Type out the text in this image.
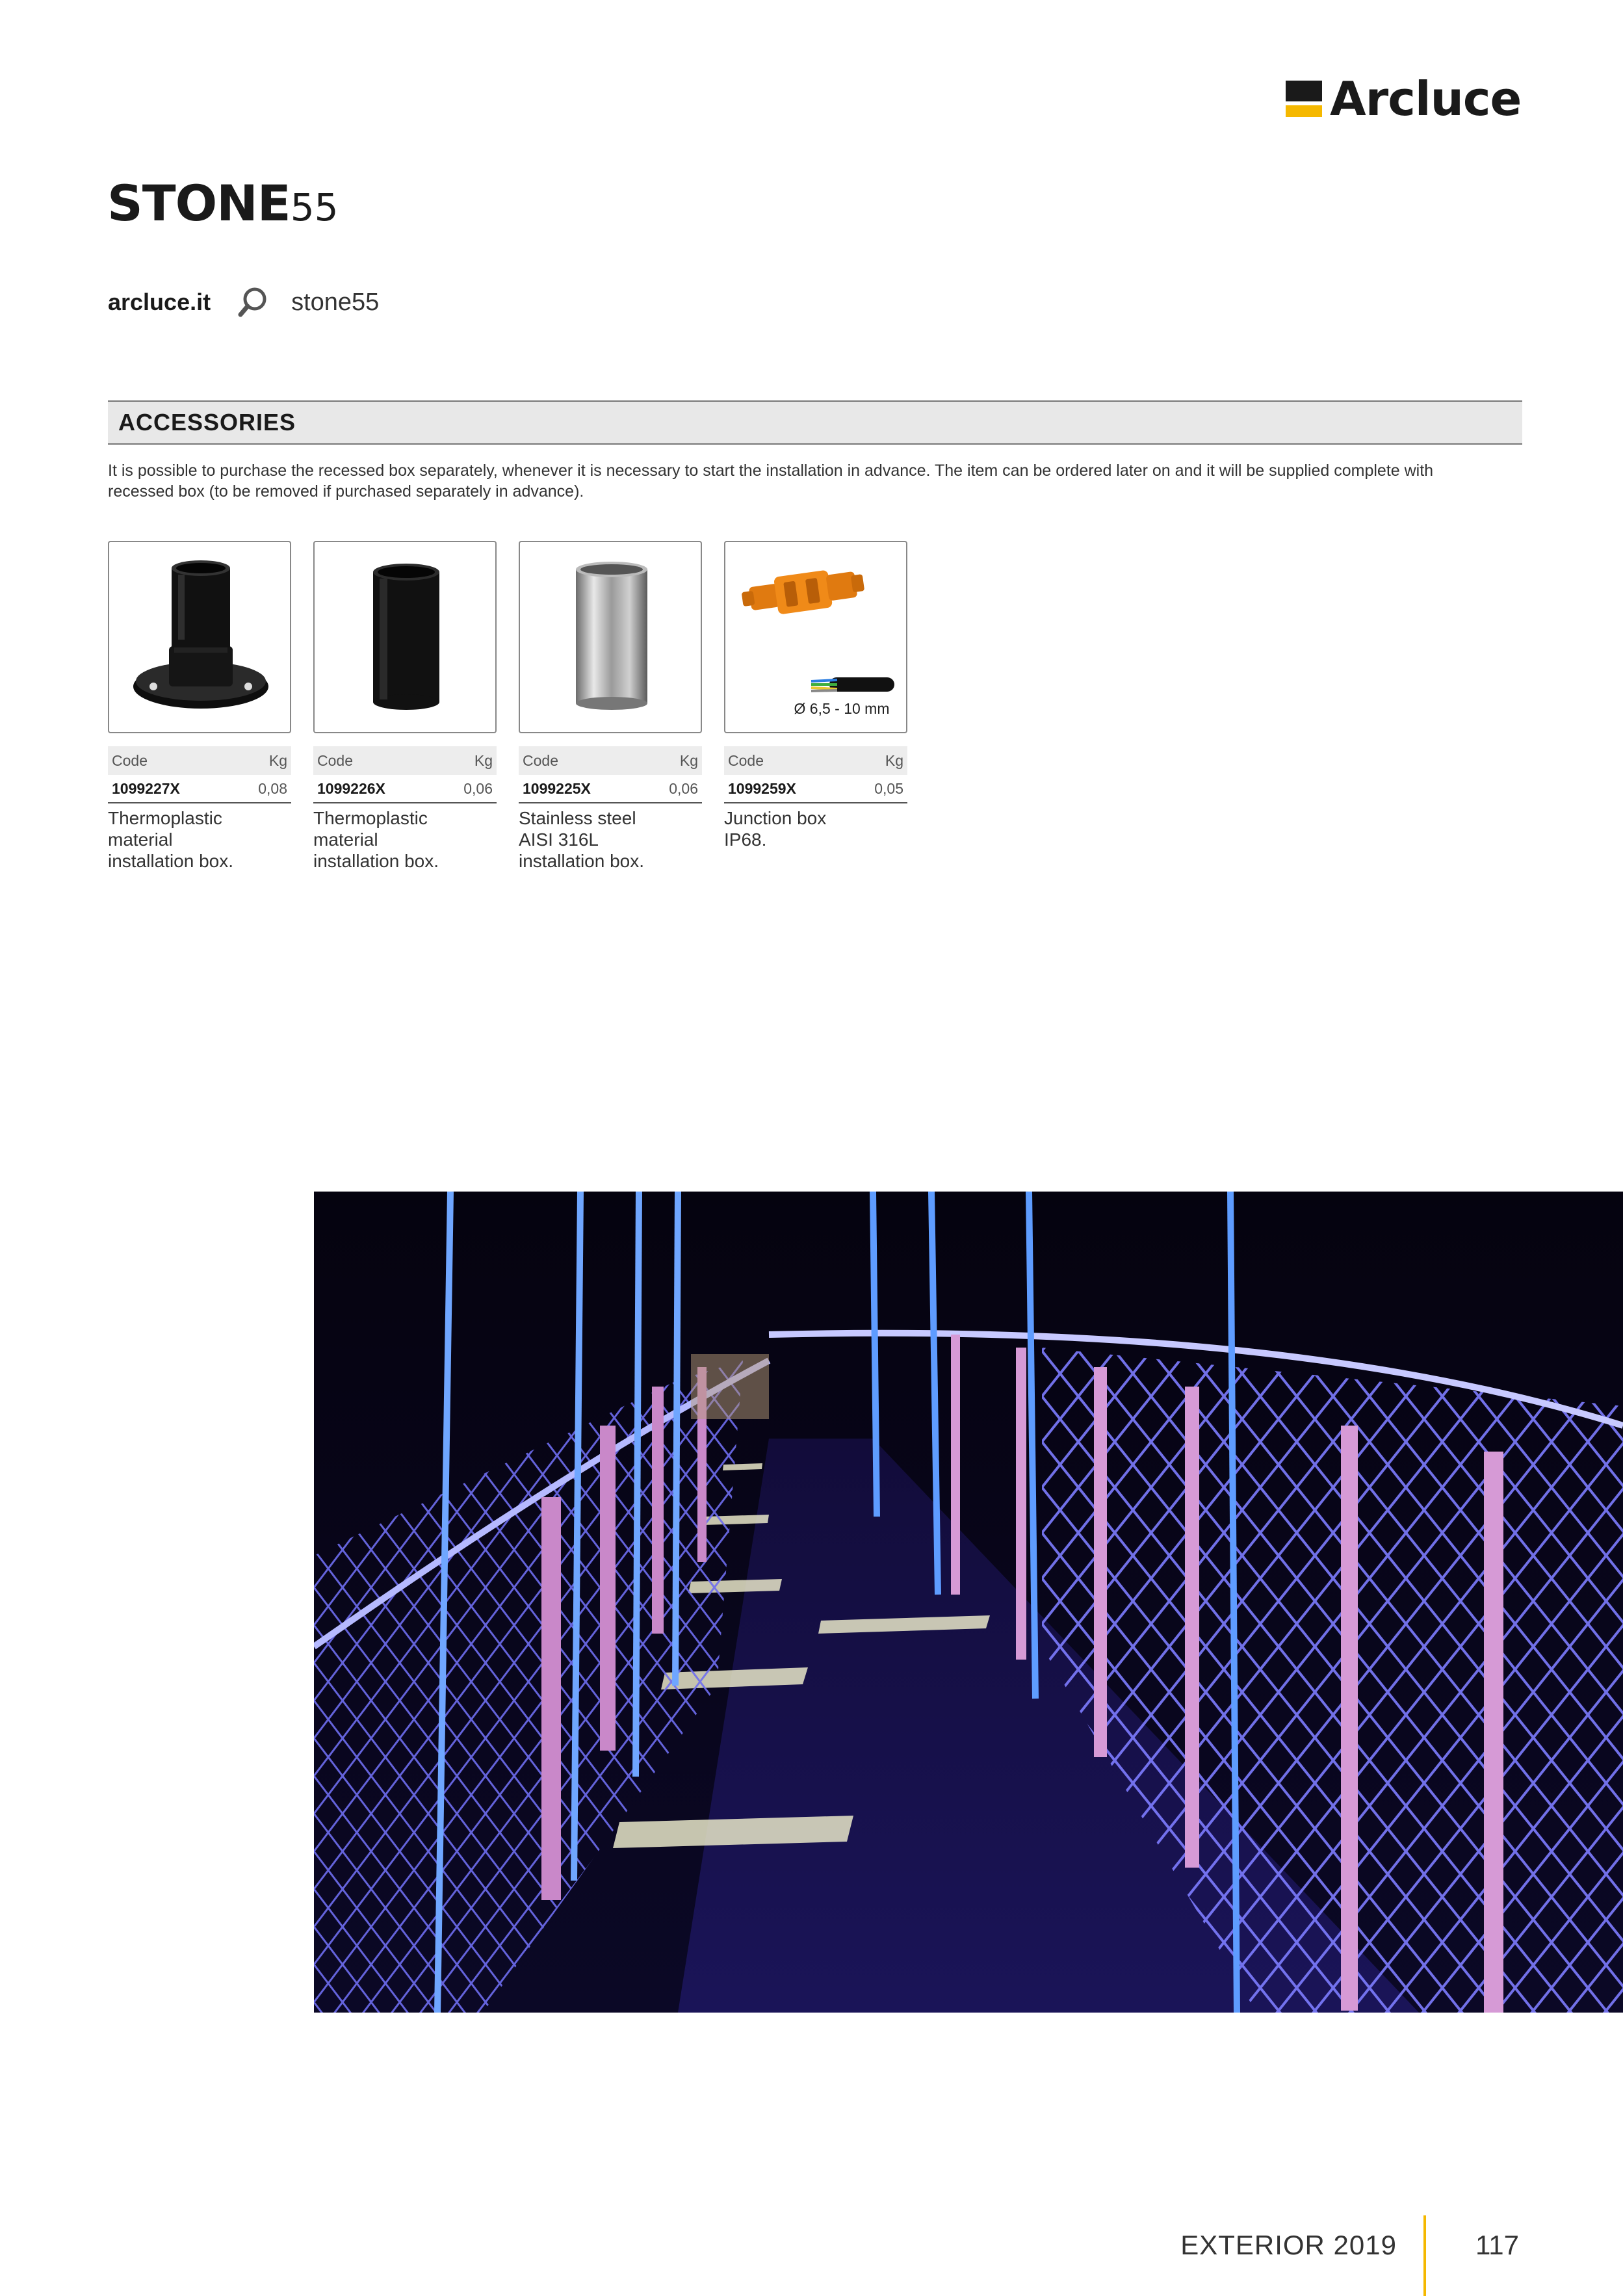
Arcluce
STONE55
arcluce.it	stone55
ACCESSORIES

It is possible to purchase the recessed box separately, whenever it is necessary to start the installation in advance. The item can be ordered later on and it will be supplied complete with recessed box (to be removed if purchased separately in advance).

Code	Kg
1099227X	0,08

Thermoplastic material installation box.

Code	Kg
1099226X	0,06

Thermoplastic material installation box.

Code	Kg
1099225X	0,06

Stainless steel AISI 316L installation box.

Ø 6,5 - 10 mm
Code	Kg
1099259X	0,05

Junction box IP68.

EXTERIOR 2019	117
